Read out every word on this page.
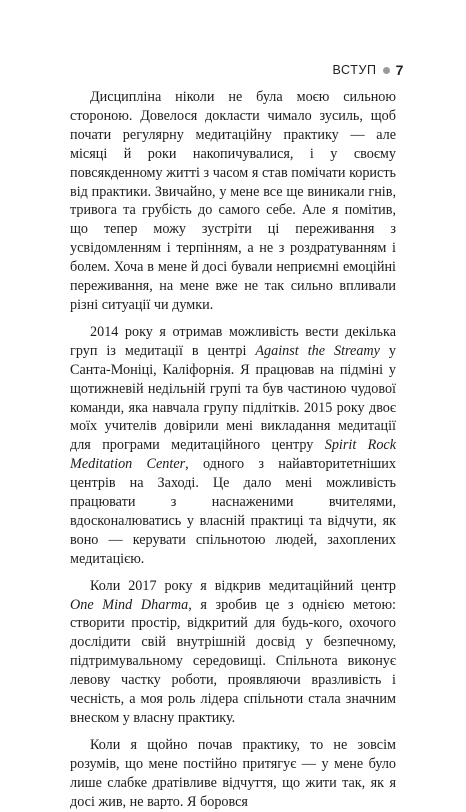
ВСТУП 7

Дисципліна ніколи не була моєю сильною стороною. Довелося докласти чимало зусиль, щоб почати регулярну медитаційну практику — але місяці й роки накопичувалися, і у своєму повсякденному житті з часом я став помічати користь від практики. Звичайно, у мене все ще виникали гнів, тривога та грубість до самого себе. Але я помітив, що тепер можу зустріти ці переживання з усвідомленням і терпінням, а не з роздратуванням і болем. Хоча в мене й досі бували неприємні емоційні переживання, на мене вже не так сильно впливали різні ситуації чи думки.

2014 року я отримав можливість вести декілька груп із медитації в центрі Against the Streamу у Санта-Моніці, Каліфорнія. Я працював на підміні у щотижневій недільній групі та був частиною чудової команди, яка навчала групу підлітків. 2015 року двоє моїх учителів довірили мені викладання медитації для програми медитаційного центру Spirit Rock Meditation Center, одного з найавторитетніших центрів на Заході. Це дало мені можливість працювати з наснаженими вчителями, вдосконалюватись у власній практиці та відчути, як воно — керувати спільнотою людей, захоплених медитацією.

Коли 2017 року я відкрив медитаційний центр One Mind Dharma, я зробив це з однією метою: створити простір, відкритий для будь-кого, охочого дослідити свій внутрішній досвід у безпечному, підтримувальному середовищі. Спільнота виконує левову частку роботи, проявляючи вразливість і чесність, а моя роль лідера спільноти стала значним внеском у власну практику.

Коли я щойно почав практику, то не зовсім розумів, що мене постійно притягує — у мене було лише слабке дратівливе відчуття, що жити так, як я досі жив, не варто. Я боровся
